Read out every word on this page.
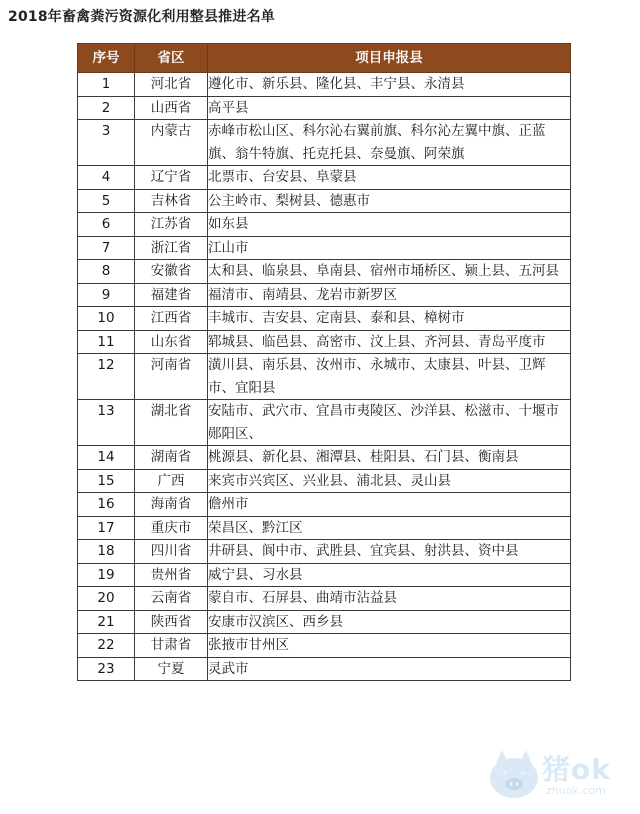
2018年畜禽粪污资源化利用整县推进名单
序号	省区	项目申报县
1	河北省	遵化市、新乐县、隆化县、丰宁县、永清县
2	山西省	高平县
3	内蒙古	赤峰市松山区、科尔沁右翼前旗、科尔沁左翼中旗、正蓝旗、翁牛特旗、托克托县、奈曼旗、阿荣旗
4	辽宁省	北票市、台安县、阜蒙县
5	吉林省	公主岭市、梨树县、德惠市
6	江苏省	如东县
7	浙江省	江山市
8	安徽省	太和县、临泉县、阜南县、宿州市埇桥区、颍上县、五河县
9	福建省	福清市、南靖县、龙岩市新罗区
10	江西省	丰城市、吉安县、定南县、泰和县、樟树市
11	山东省	郓城县、临邑县、高密市、汶上县、齐河县、青岛平度市
12	河南省	潢川县、南乐县、汝州市、永城市、太康县、叶县、卫辉市、宜阳县
13	湖北省	安陆市、武穴市、宜昌市夷陵区、沙洋县、松滋市、十堰市郧阳区、
14	湖南省	桃源县、新化县、湘潭县、桂阳县、石门县、衡南县
15	广西	来宾市兴宾区、兴业县、浦北县、灵山县
16	海南省	儋州市
17	重庆市	荣昌区、黔江区
18	四川省	井研县、阆中市、武胜县、宜宾县、射洪县、资中县
19	贵州省	威宁县、习水县
20	云南省	蒙自市、石屏县、曲靖市沾益县
21	陕西省	安康市汉滨区、西乡县
22	甘肃省	张掖市甘州区
23	宁夏	灵武市
猪ok
zhuok.com
